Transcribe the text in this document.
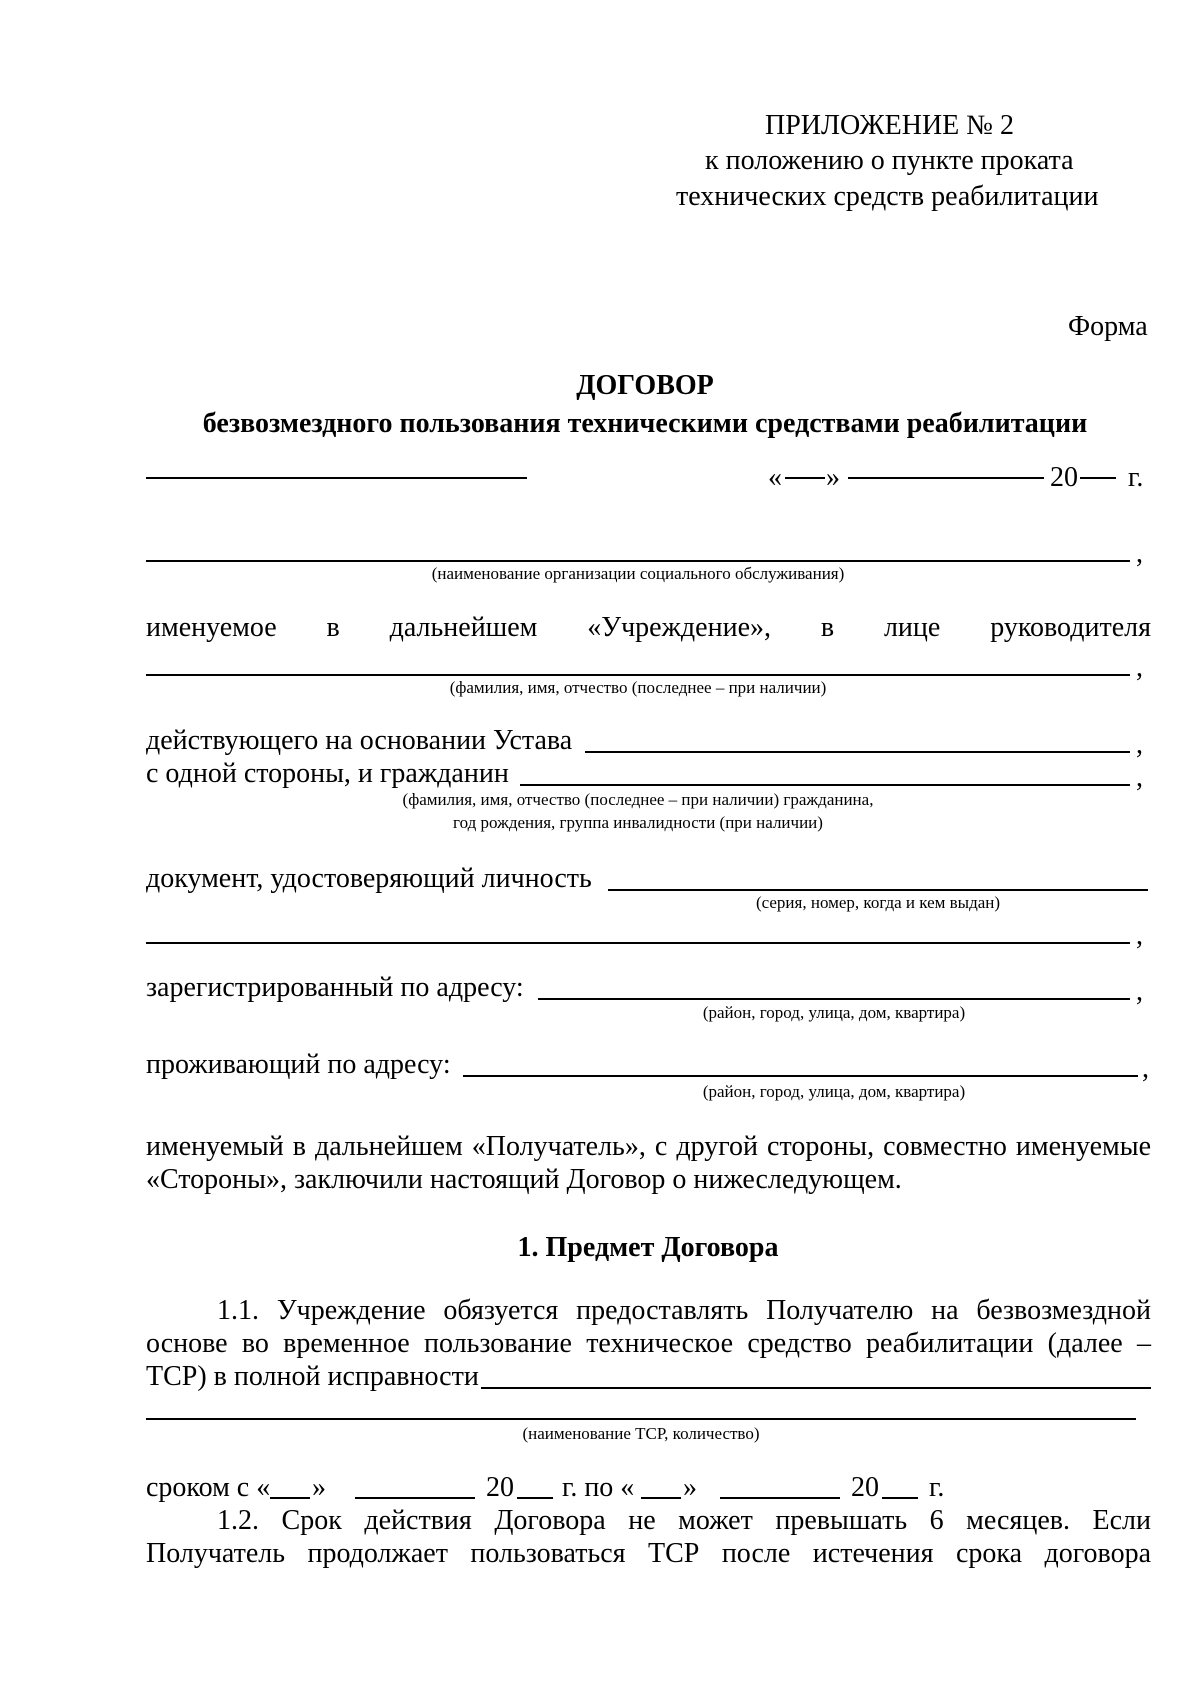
ПРИЛОЖЕНИЕ № 2
к положению о пункте проката
технических средств реабилитации
Форма
ДОГОВОР
безвозмездного пользования техническими средствами реабилитации
« »	20 г.
,
(наименование организации социального обслуживания)
именуемое в дальнейшем «Учреждение», в лице руководителя
,
(фамилия, имя, отчество (последнее – при наличии)
действующего на основании Устава	,
с одной стороны, и гражданин	,
(фамилия, имя, отчество (последнее – при наличии) гражданина,
год рождения, группа инвалидности (при наличии)
документ, удостоверяющий личность
(серия, номер, когда и кем выдан)
,
зарегистрированный по адресу:	,
(район, город, улица, дом, квартира)
проживающий по адресу:	,
(район, город, улица, дом, квартира)
именуемый в дальнейшем «Получатель», с другой стороны, совместно именуемые
«Стороны», заключили настоящий Договор о нижеследующем.
1. Предмет Договора
1.1. Учреждение обязуется предоставлять Получателю на безвозмездной
основе во временное пользование техническое средство реабилитации (далее –
ТСР) в полной исправности
(наименование ТСР, количество)
сроком с « »	20 г. по « »	20 г.
1.2. Срок действия Договора не может превышать 6 месяцев. Если
Получатель продолжает пользоваться ТСР после истечения срока договора
